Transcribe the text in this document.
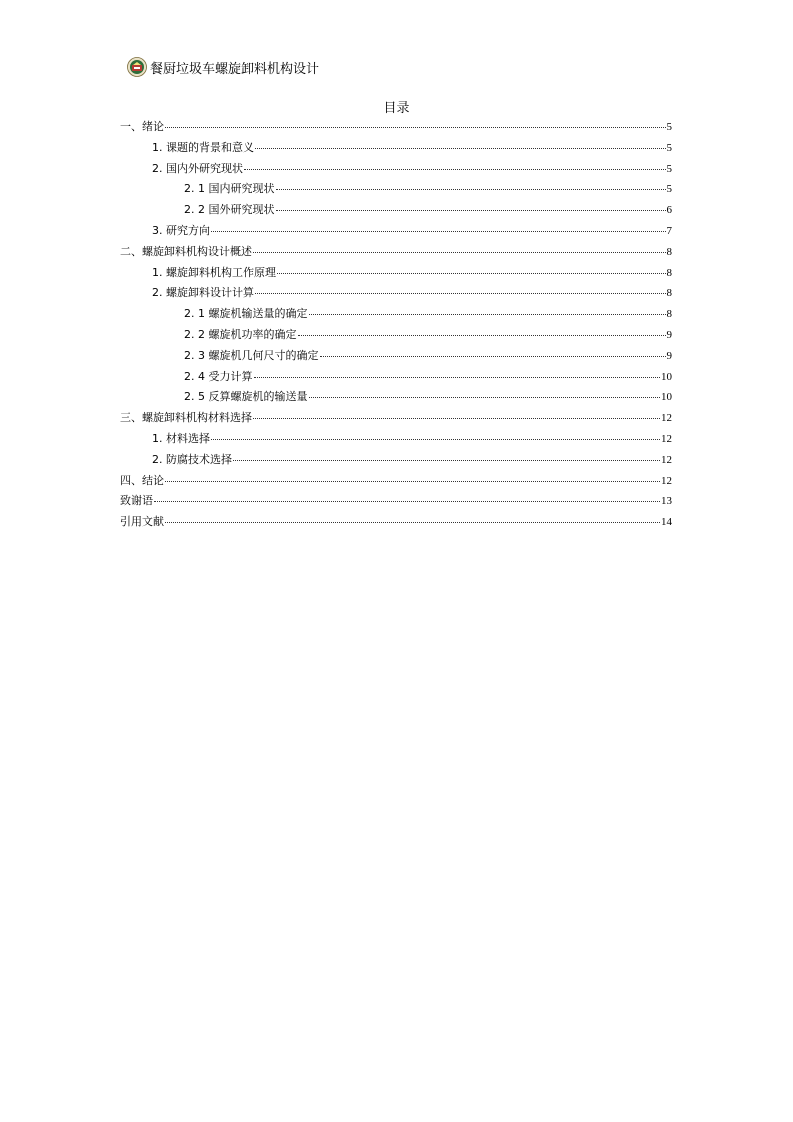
餐厨垃圾车螺旋卸料机构设计
目录
一、绪论	5
1. 课题的背景和意义	5
2. 国内外研究现状	5
2. 1 国内研究现状	5
2. 2 国外研究现状	6
3. 研究方向	7
二、螺旋卸料机构设计概述	8
1. 螺旋卸料机构工作原理	8
2. 螺旋卸料设计计算	8
2. 1 螺旋机输送量的确定	8
2. 2 螺旋机功率的确定	9
2. 3 螺旋机几何尺寸的确定	9
2. 4 受力计算	10
2. 5 反算螺旋机的输送量	10
三、螺旋卸料机构材料选择	12
1. 材料选择	12
2. 防腐技术选择	12
四、结论	12
致谢语	13
引用文献	14
